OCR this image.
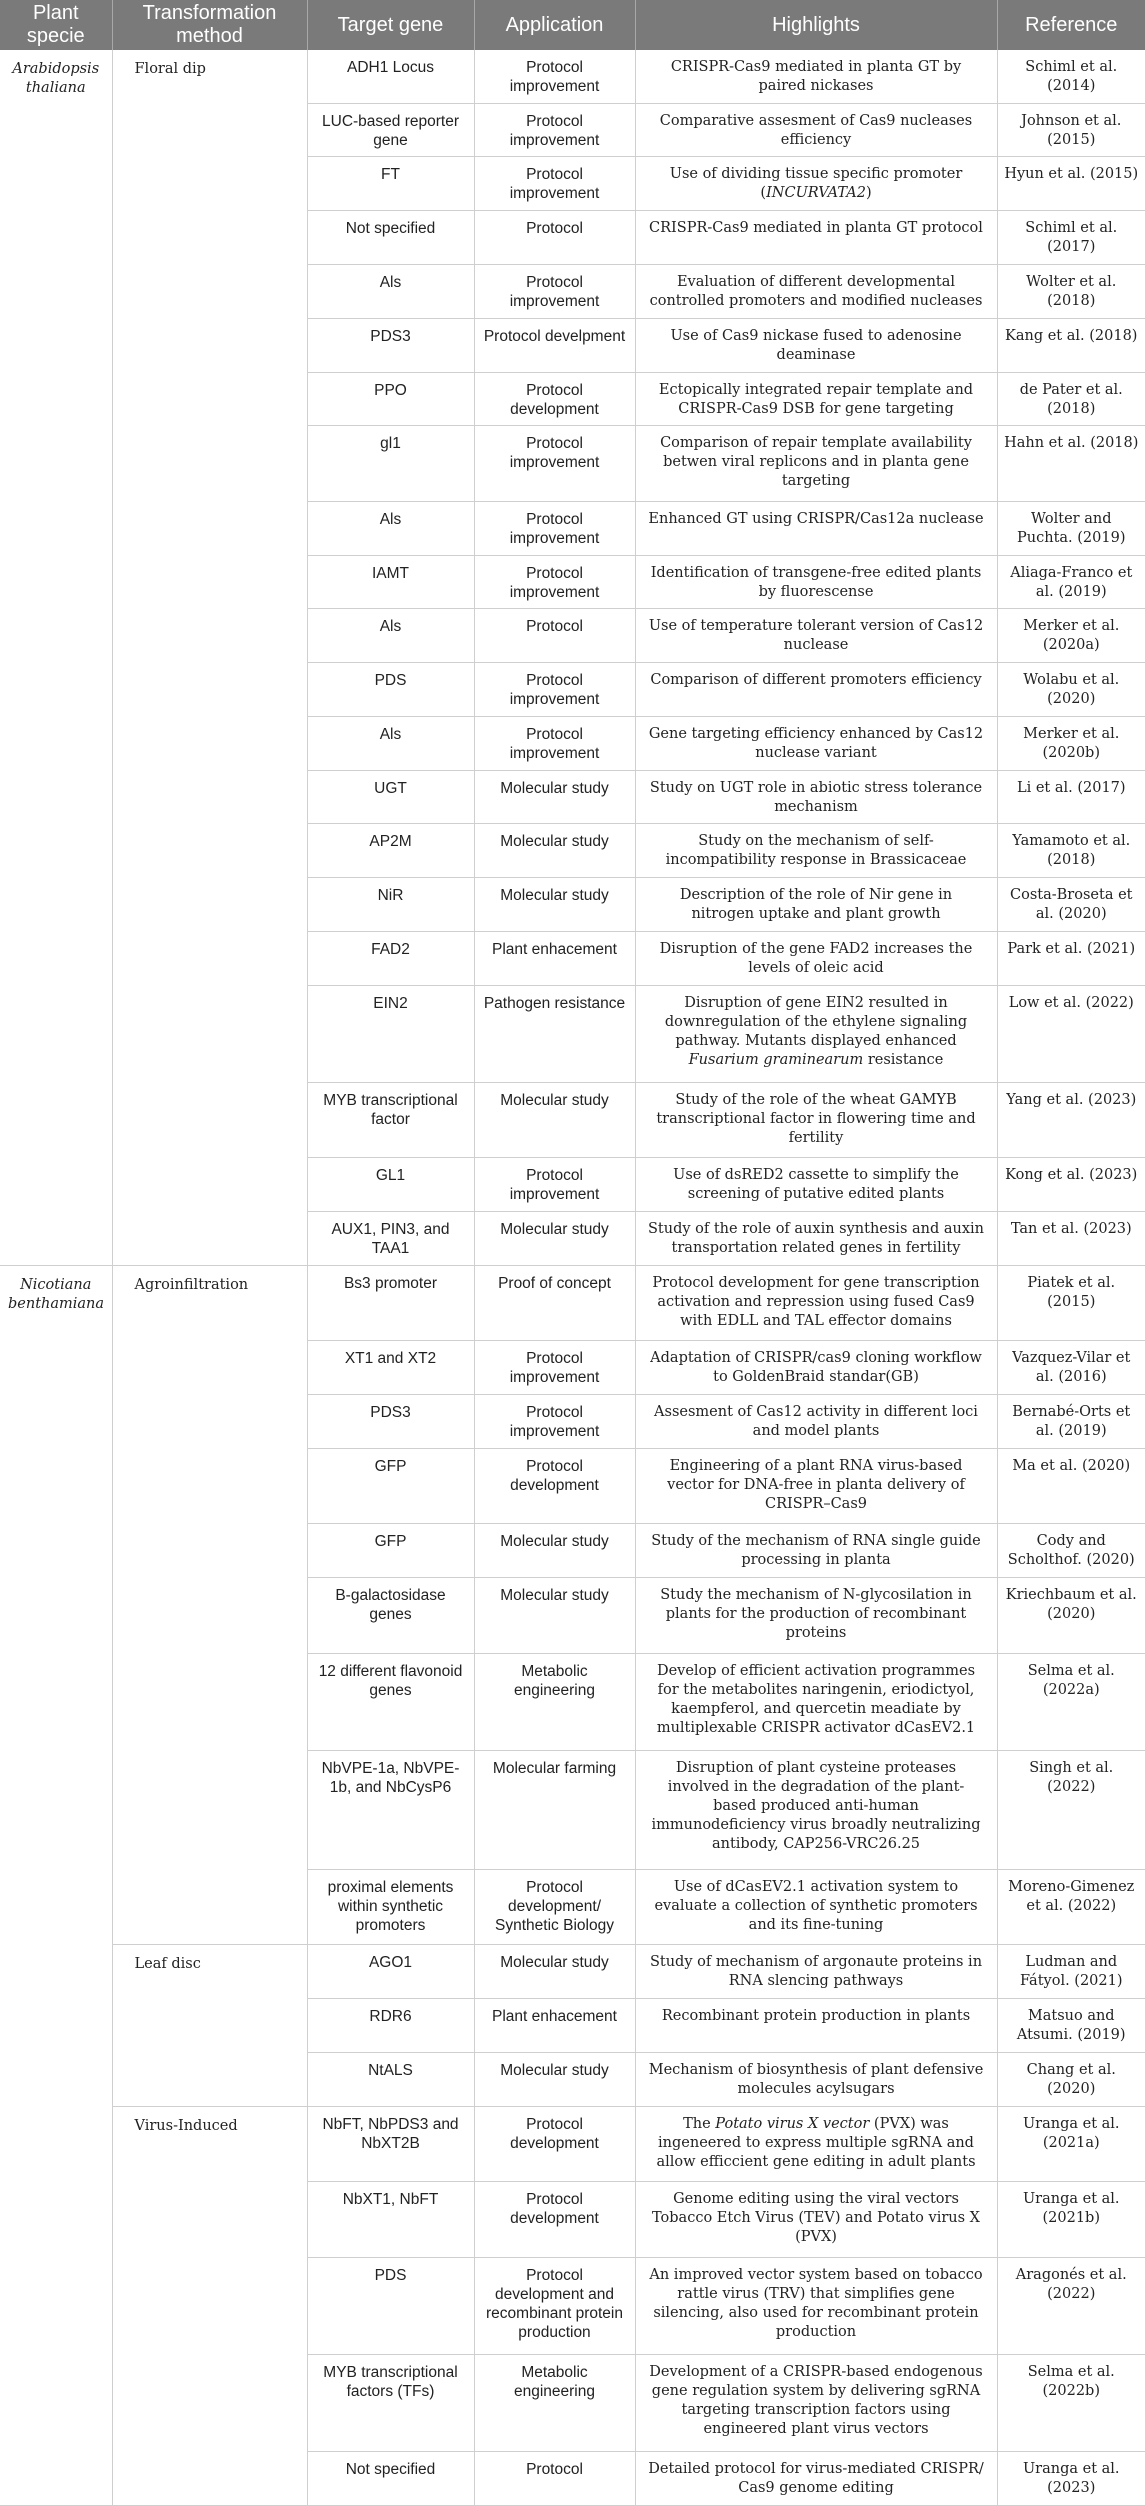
Plant specie	Transformation method	Target gene	Application	Highlights	Reference
Arabidopsis thaliana	Floral dip	ADH1 Locus	Protocol improvement	CRISPR-Cas9 mediated in planta GT by paired nickases	Schiml et al. (2014)
		LUC-based reporter gene	Protocol improvement	Comparative assesment of Cas9 nucleases efficiency	Johnson et al. (2015)
		FT	Protocol improvement	Use of dividing tissue specific promoter (INCURVATA2)	Hyun et al. (2015)
		Not specified	Protocol	CRISPR-Cas9 mediated in planta GT protocol	Schiml et al. (2017)
		Als	Protocol improvement	Evaluation of different developmental controlled promoters and modified nucleases	Wolter et al. (2018)
		PDS3	Protocol develpment	Use of Cas9 nickase fused to adenosine deaminase	Kang et al. (2018)
		PPO	Protocol development	Ectopically integrated repair template and CRISPR-Cas9 DSB for gene targeting	de Pater et al. (2018)
		gl1	Protocol improvement	Comparison of repair template availability betwen viral replicons and in planta gene targeting	Hahn et al. (2018)
		Als	Protocol improvement	Enhanced GT using CRISPR/Cas12a nuclease	Wolter and Puchta. (2019)
		IAMT	Protocol improvement	Identification of transgene-free edited plants by fluorescense	Aliaga-Franco et al. (2019)
		Als	Protocol	Use of temperature tolerant version of Cas12 nuclease	Merker et al. (2020a)
		PDS	Protocol improvement	Comparison of different promoters efficiency	Wolabu et al. (2020)
		Als	Protocol improvement	Gene targeting efficiency enhanced by Cas12 nuclease variant	Merker et al. (2020b)
		UGT	Molecular study	Study on UGT role in abiotic stress tolerance mechanism	Li et al. (2017)
		AP2M	Molecular study	Study on the mechanism of self-incompatibility response in Brassicaceae	Yamamoto et al. (2018)
		NiR	Molecular study	Description of the role of Nir gene in nitrogen uptake and plant growth	Costa-Broseta et al. (2020)
		FAD2	Plant enhacement	Disruption of the gene FAD2 increases the levels of oleic acid	Park et al. (2021)
		EIN2	Pathogen resistance	Disruption of gene EIN2 resulted in downregulation of the ethylene signaling pathway. Mutants displayed enhanced Fusarium graminearum resistance	Low et al. (2022)
		MYB transcriptional factor	Molecular study	Study of the role of the wheat GAMYB transcriptional factor in flowering time and fertility	Yang et al. (2023)
		GL1	Protocol improvement	Use of dsRED2 cassette to simplify the screening of putative edited plants	Kong et al. (2023)
		AUX1, PIN3, and TAA1	Molecular study	Study of the role of auxin synthesis and auxin transportation related genes in fertility	Tan et al. (2023)
Nicotiana benthamiana	Agroinfiltration	Bs3 promoter	Proof of concept	Protocol development for gene transcription activation and repression using fused Cas9 with EDLL and TAL effector domains	Piatek et al. (2015)
		XT1 and XT2	Protocol improvement	Adaptation of CRISPR/cas9 cloning workflow to GoldenBraid standar(GB)	Vazquez-Vilar et al. (2016)
		PDS3	Protocol improvement	Assesment of Cas12 activity in different loci and model plants	Bernabé-Orts et al. (2019)
		GFP	Protocol development	Engineering of a plant RNA virus-based vector for DNA-free in planta delivery of CRISPR–Cas9	Ma et al. (2020)
		GFP	Molecular study	Study of the mechanism of RNA single guide processing in planta	Cody and Scholthof. (2020)
		B-galactosidase genes	Molecular study	Study the mechanism of N-glycosilation in plants for the production of recombinant proteins	Kriechbaum et al. (2020)
		12 different flavonoid genes	Metabolic engineering	Develop of efficient activation programmes for the metabolites naringenin, eriodictyol, kaempferol, and quercetin meadiate by multiplexable CRISPR activator dCasEV2.1	Selma et al. (2022a)
		NbVPE-1a, NbVPE-1b, and NbCysP6	Molecular farming	Disruption of plant cysteine proteases involved in the degradation of the plant-based produced anti-human immunodeficiency virus broadly neutralizing antibody, CAP256-VRC26.25	Singh et al. (2022)
		proximal elements within synthetic promoters	Protocol development/ Synthetic Biology	Use of dCasEV2.1 activation system to evaluate a collection of synthetic promoters and its fine-tuning	Moreno-Gimenez et al. (2022)
	Leaf disc	AGO1	Molecular study	Study of mechanism of argonaute proteins in RNA slencing pathways	Ludman and Fátyol. (2021)
		RDR6	Plant enhacement	Recombinant protein production in plants	Matsuo and Atsumi. (2019)
		NtALS	Molecular study	Mechanism of biosynthesis of plant defensive molecules acylsugars	Chang et al. (2020)
	Virus-Induced	NbFT, NbPDS3 and NbXT2B	Protocol development	The Potato virus X vector (PVX) was ingeneered to express multiple sgRNA and allow efficcient gene editing in adult plants	Uranga et al. (2021a)
		NbXT1, NbFT	Protocol development	Genome editing using the viral vectors Tobacco Etch Virus (TEV) and Potato virus X (PVX)	Uranga et al. (2021b)
		PDS	Protocol development and recombinant protein production	An improved vector system based on tobacco rattle virus (TRV) that simplifies gene silencing, also used for recombinant protein production	Aragonés et al. (2022)
		MYB transcriptional factors (TFs)	Metabolic engineering	Development of a CRISPR-based endogenous gene regulation system by delivering sgRNA targeting transcription factors using engineered plant virus vectors	Selma et al. (2022b)
		Not specified	Protocol	Detailed protocol for virus-mediated CRISPR/ Cas9 genome editing	Uranga et al. (2023)
